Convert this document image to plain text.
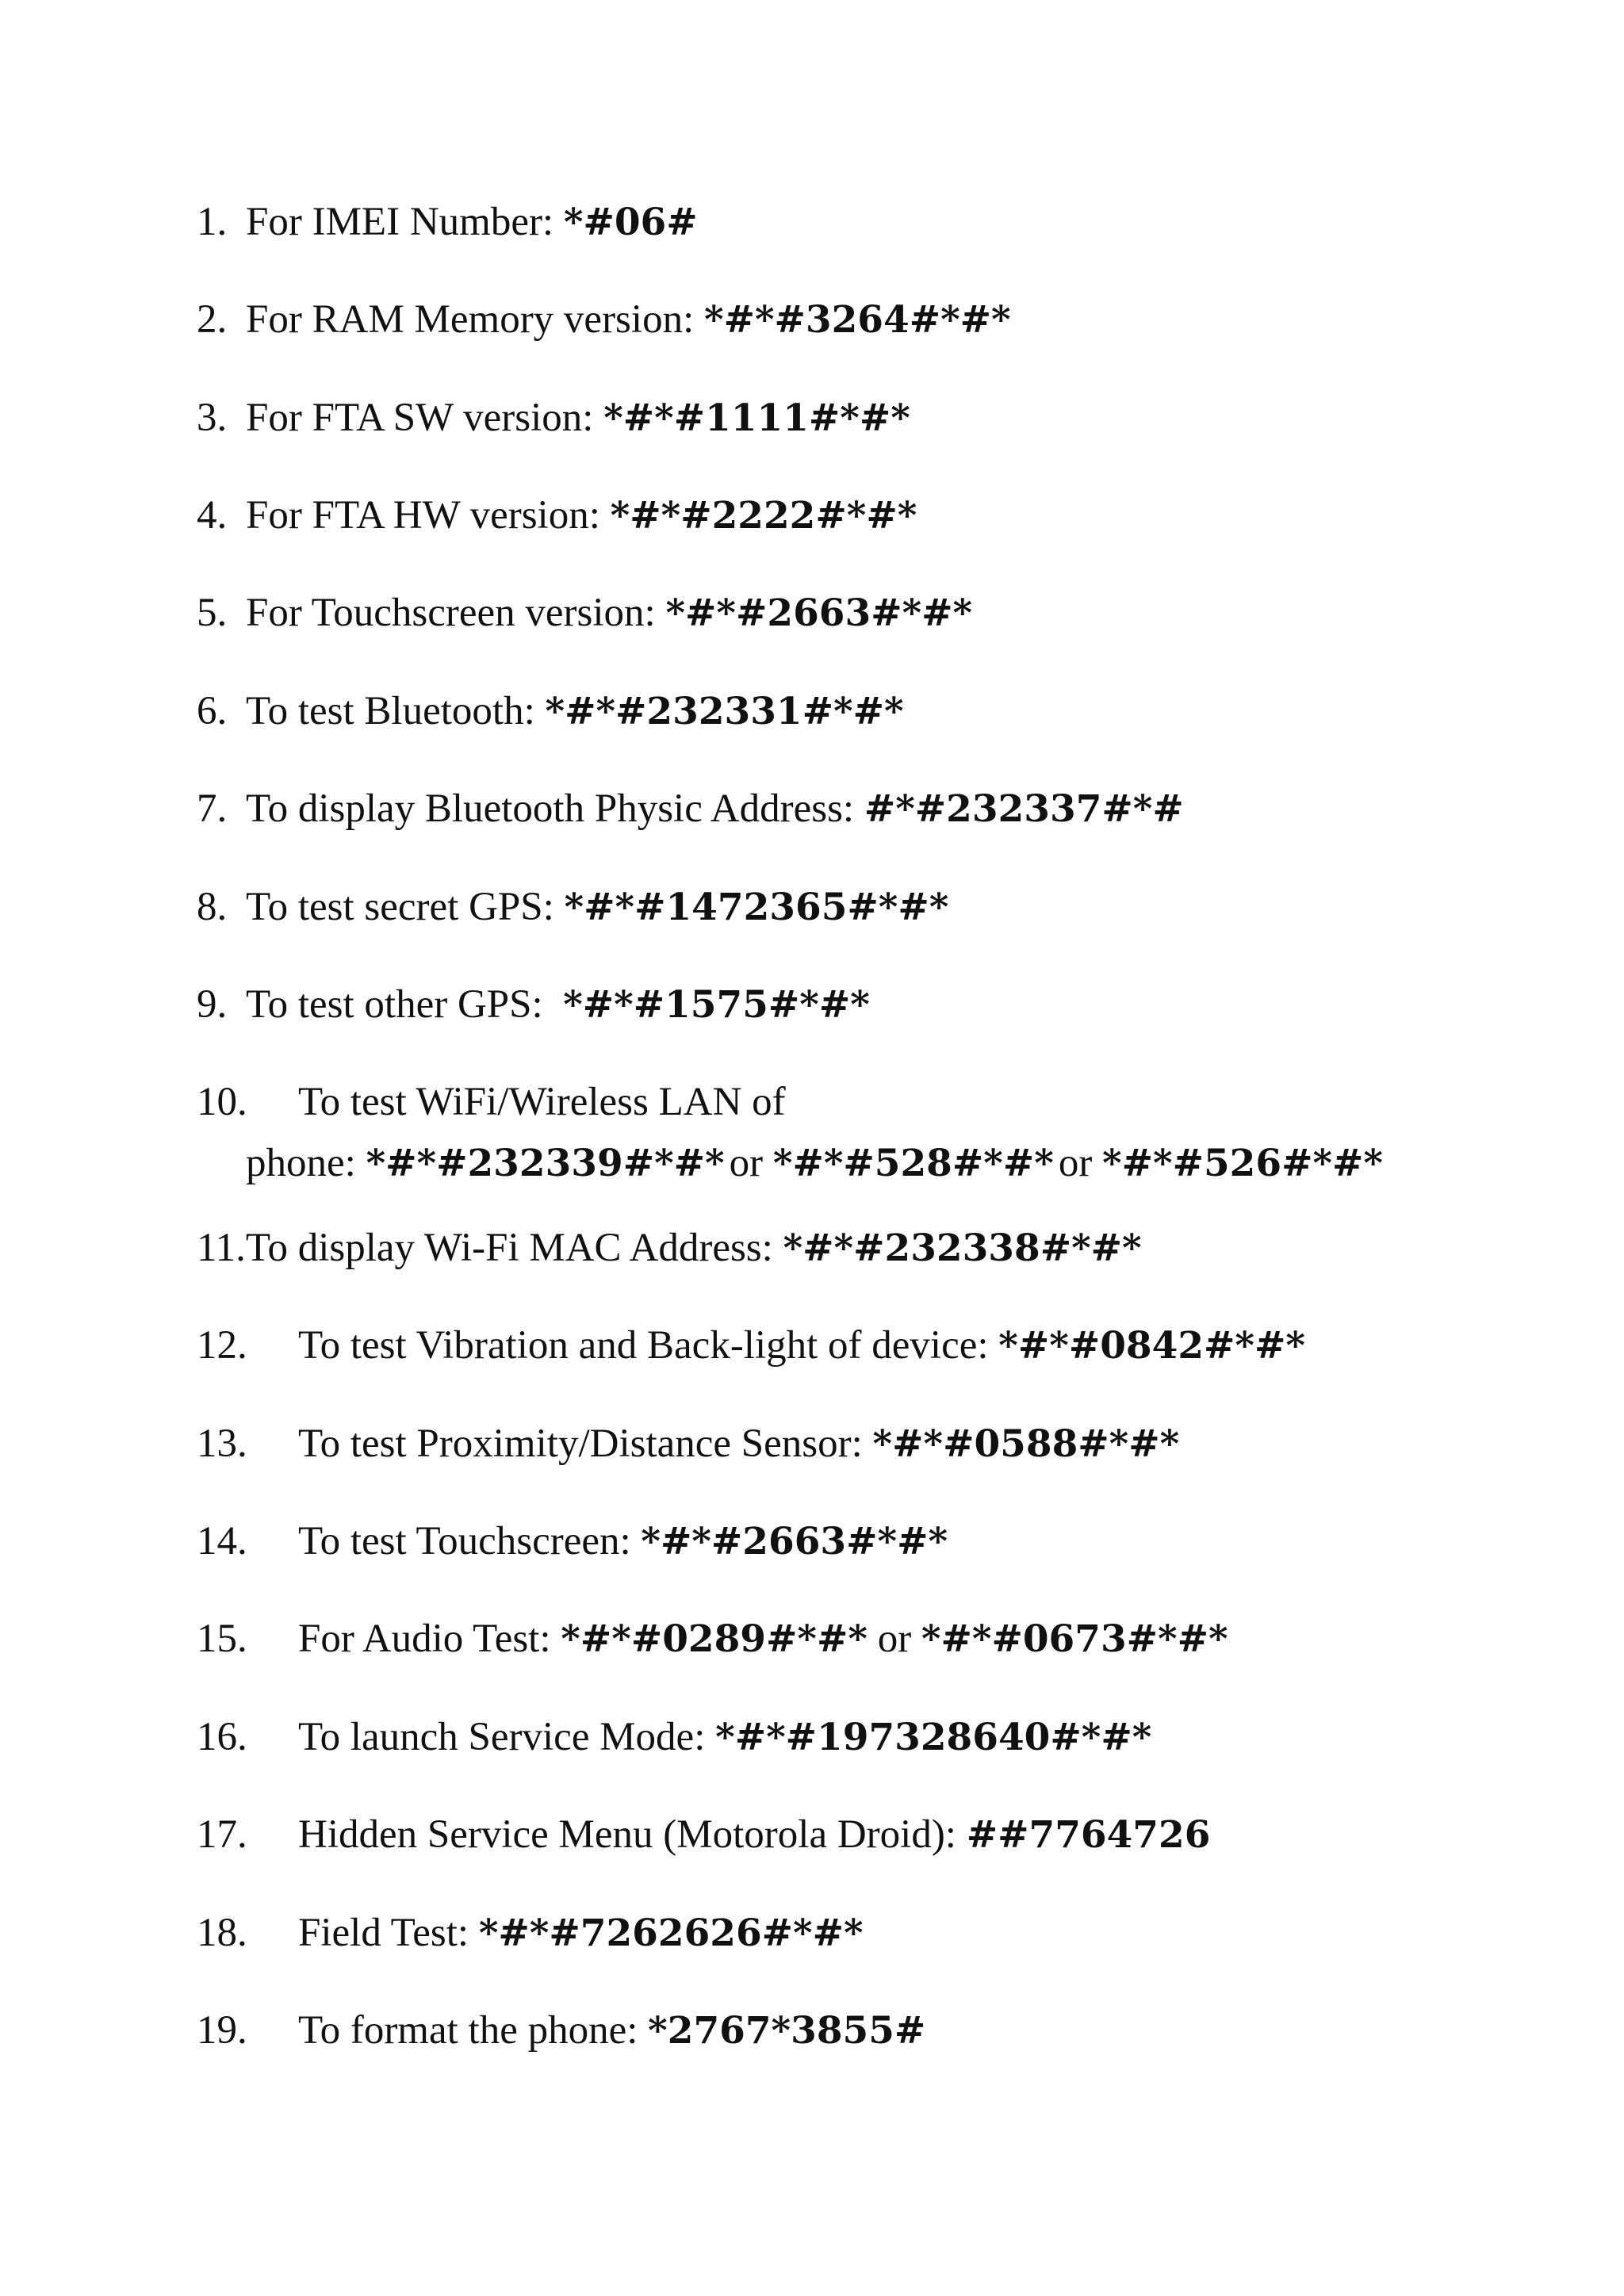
1. For IMEI Number: *#06#
2. For RAM Memory version: *#*#3264#*#*
3. For FTA SW version: *#*#1111#*#*
4. For FTA HW version: *#*#2222#*#*
5. For Touchscreen version: *#*#2663#*#*
6. To test Bluetooth: *#*#232331#*#*
7. To display Bluetooth Physic Address: #*#232337#*#
8. To test secret GPS: *#*#1472365#*#*
9. To test other GPS: *#*#1575#*#*
10. To test WiFi/Wireless LAN of
phone: *#*#232339#*#* or *#*#528#*#* or *#*#526#*#*
11.To display Wi-Fi MAC Address: *#*#232338#*#*
12. To test Vibration and Back-light of device: *#*#0842#*#*
13. To test Proximity/Distance Sensor: *#*#0588#*#*
14. To test Touchscreen: *#*#2663#*#*
15. For Audio Test: *#*#0289#*#* or *#*#0673#*#*
16. To launch Service Mode: *#*#197328640#*#*
17. Hidden Service Menu (Motorola Droid): ##7764726
18. Field Test: *#*#7262626#*#*
19. To format the phone: *2767*3855#
